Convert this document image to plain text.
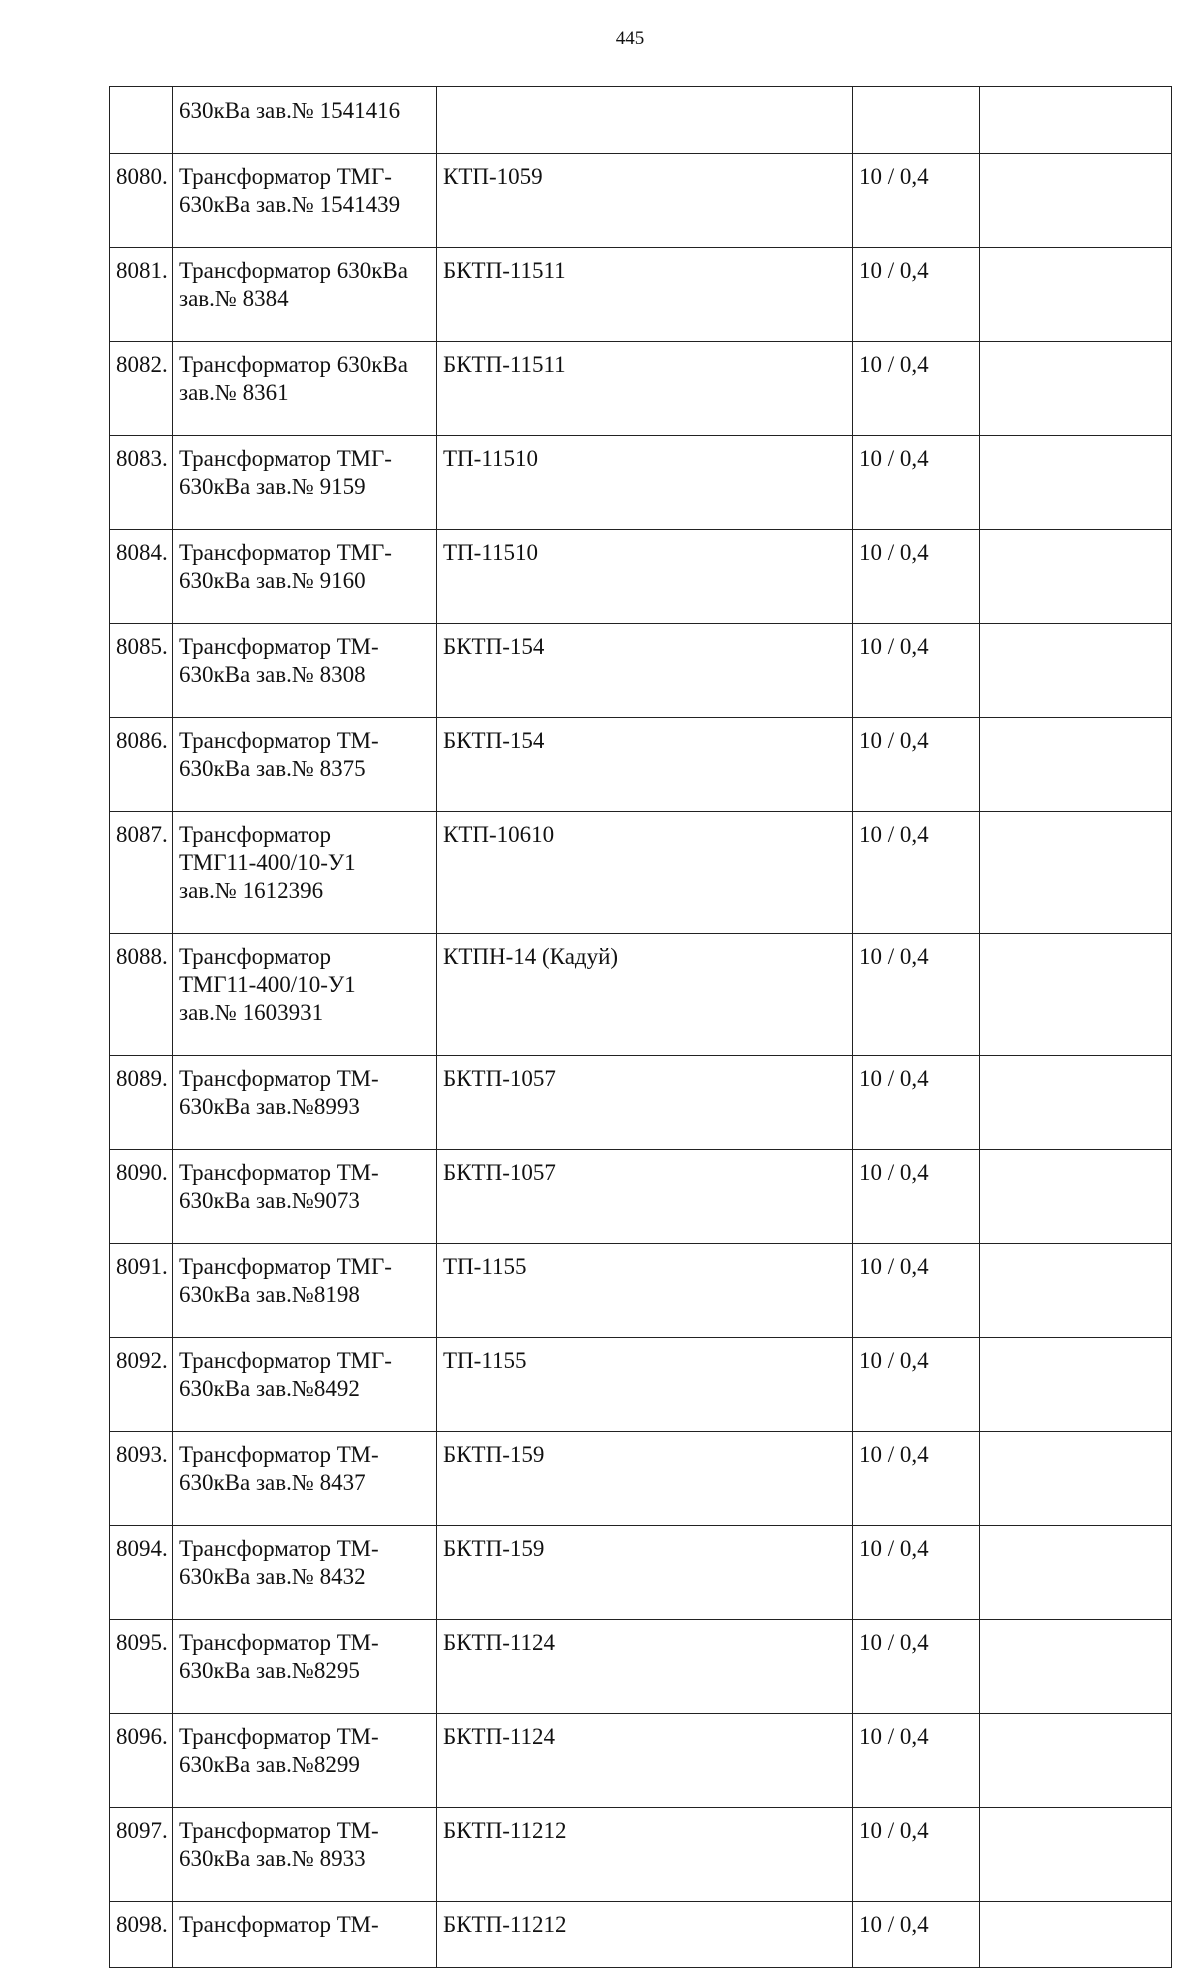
445
	630кВа зав.№ 1541416			
8080.	Трансформатор ТМГ-
630кВа зав.№ 1541439	КТП-1059	10 / 0,4	
8081.	Трансформатор 630кВа
зав.№ 8384	БКТП-11511	10 / 0,4	
8082.	Трансформатор 630кВа
зав.№ 8361	БКТП-11511	10 / 0,4	
8083.	Трансформатор ТМГ-
630кВа зав.№ 9159	ТП-11510	10 / 0,4	
8084.	Трансформатор ТМГ-
630кВа зав.№ 9160	ТП-11510	10 / 0,4	
8085.	Трансформатор ТМ-
630кВа зав.№ 8308	БКТП-154	10 / 0,4	
8086.	Трансформатор ТМ-
630кВа зав.№ 8375	БКТП-154	10 / 0,4	
8087.	Трансформатор
ТМГ11-400/10-У1
зав.№ 1612396	КТП-10610	10 / 0,4	
8088.	Трансформатор
ТМГ11-400/10-У1
зав.№ 1603931	КТПН-14 (Кадуй)	10 / 0,4	
8089.	Трансформатор ТМ-
630кВа зав.№8993	БКТП-1057	10 / 0,4	
8090.	Трансформатор ТМ-
630кВа зав.№9073	БКТП-1057	10 / 0,4	
8091.	Трансформатор ТМГ-
630кВа зав.№8198	ТП-1155	10 / 0,4	
8092.	Трансформатор ТМГ-
630кВа зав.№8492	ТП-1155	10 / 0,4	
8093.	Трансформатор ТМ-
630кВа зав.№ 8437	БКТП-159	10 / 0,4	
8094.	Трансформатор ТМ-
630кВа зав.№ 8432	БКТП-159	10 / 0,4	
8095.	Трансформатор ТМ-
630кВа зав.№8295	БКТП-1124	10 / 0,4	
8096.	Трансформатор ТМ-
630кВа зав.№8299	БКТП-1124	10 / 0,4	
8097.	Трансформатор ТМ-
630кВа зав.№ 8933	БКТП-11212	10 / 0,4	
8098.	Трансформатор ТМ-	БКТП-11212	10 / 0,4	
